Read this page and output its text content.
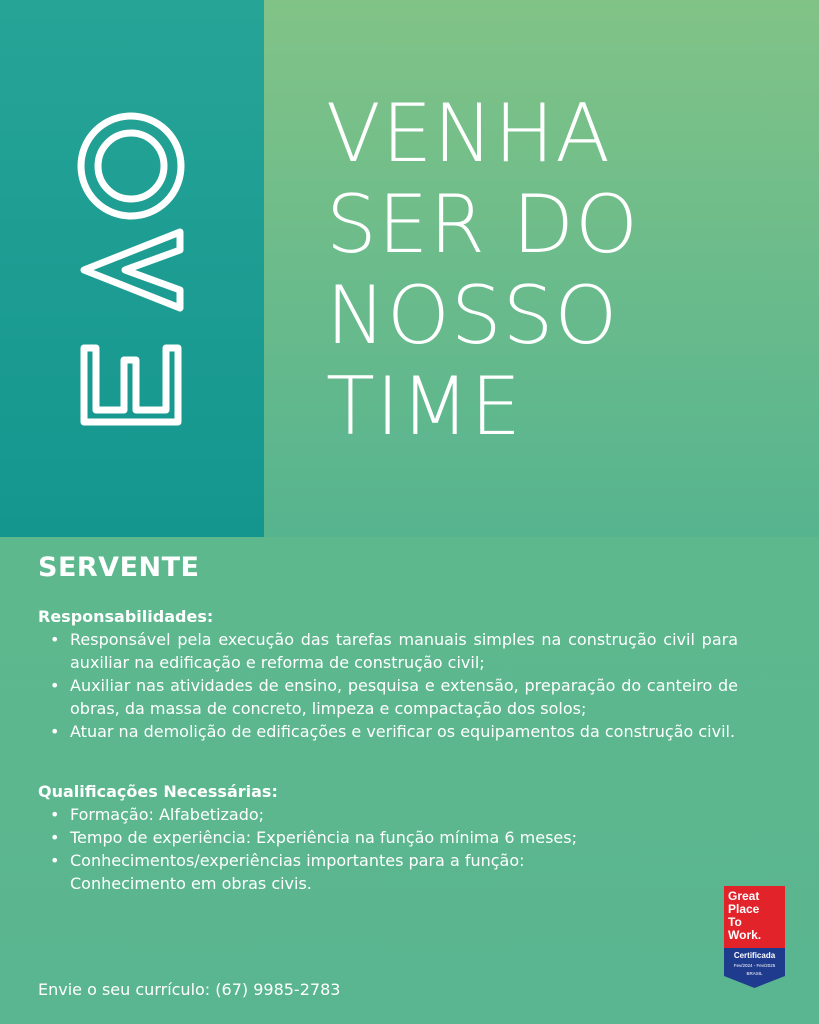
VENHA
SER DO
NOSSO
TIME
SERVENTE

Responsabilidades:

• Responsável pela execução das tarefas manuais simples na construção civil para auxiliar na edificação e reforma de construção civil;
• Auxiliar nas atividades de ensino, pesquisa e extensão, preparação do canteiro de obras, da massa de concreto, limpeza e compactação dos solos;
• Atuar na demolição de edificações e verificar os equipamentos da construção civil.

Qualificações Necessárias:

• Formação: Alfabetizado;
• Tempo de experiência: Experiência na função mínima 6 meses;
• Conhecimentos/experiências importantes para a função: Conhecimento em obras civis.
Envie o seu currículo: (67) 9985-2783
Great
Place
To
Work.
Certificada
Fev/2024 - Fev/2025
BRASIL
